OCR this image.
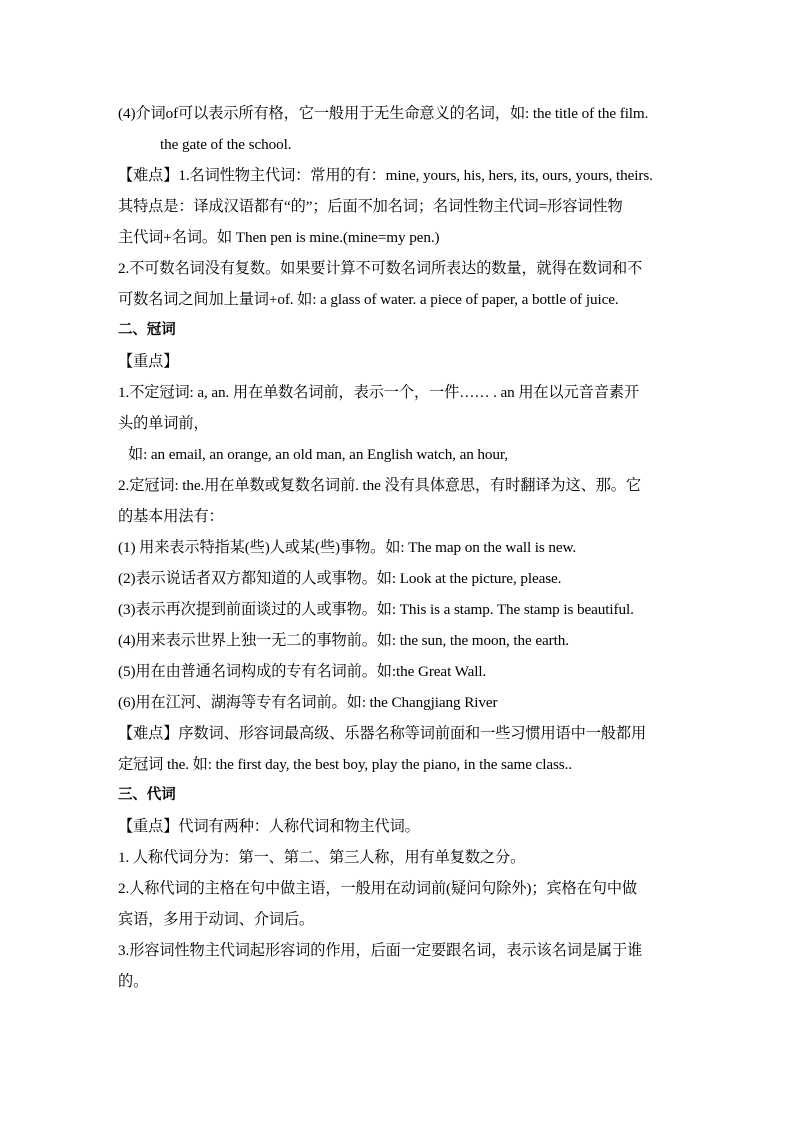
(4)介词of可以表示所有格，它一般用于无生命意义的名词，如: the title of the film.
the gate of the school.
【难点】1.名词性物主代词：常用的有：mine, yours, his, hers, its, ours, yours, theirs.
其特点是：译成汉语都有“的”；后面不加名词；名词性物主代词=形容词性物
主代词+名词。如 Then pen is mine.(mine=my pen.)
2.不可数名词没有复数。如果要计算不可数名词所表达的数量，就得在数词和不
可数名词之间加上量词+of. 如: a glass of water. a piece of paper, a bottle of juice.
二、冠词
【重点】
1.不定冠词: a, an. 用在单数名词前，表示一个，一件…… . an 用在以元音音素开
头的单词前，
如: an email, an orange, an old man, an English watch, an hour,
2.定冠词: the.用在单数或复数名词前. the 没有具体意思，有时翻译为这、那。它
的基本用法有：
(1) 用来表示特指某(些)人或某(些)事物。如: The map on the wall is new.
(2)表示说话者双方都知道的人或事物。如: Look at the picture, please.
(3)表示再次提到前面谈过的人或事物。如: This is a stamp. The stamp is beautiful.
(4)用来表示世界上独一无二的事物前。如: the sun, the moon, the earth.
(5)用在由普通名词构成的专有名词前。如:the Great Wall.
(6)用在江河、湖海等专有名词前。如: the Changjiang River
【难点】序数词、形容词最高级、乐器名称等词前面和一些习惯用语中一般都用
定冠词 the. 如: the first day, the best boy, play the piano, in the same class..
三、代词
【重点】代词有两种：人称代词和物主代词。
1. 人称代词分为：第一、第二、第三人称，用有单复数之分。
2.人称代词的主格在句中做主语，一般用在动词前(疑问句除外)；宾格在句中做
宾语，多用于动词、介词后。
3.形容词性物主代词起形容词的作用，后面一定要跟名词，表示该名词是属于谁
的。
